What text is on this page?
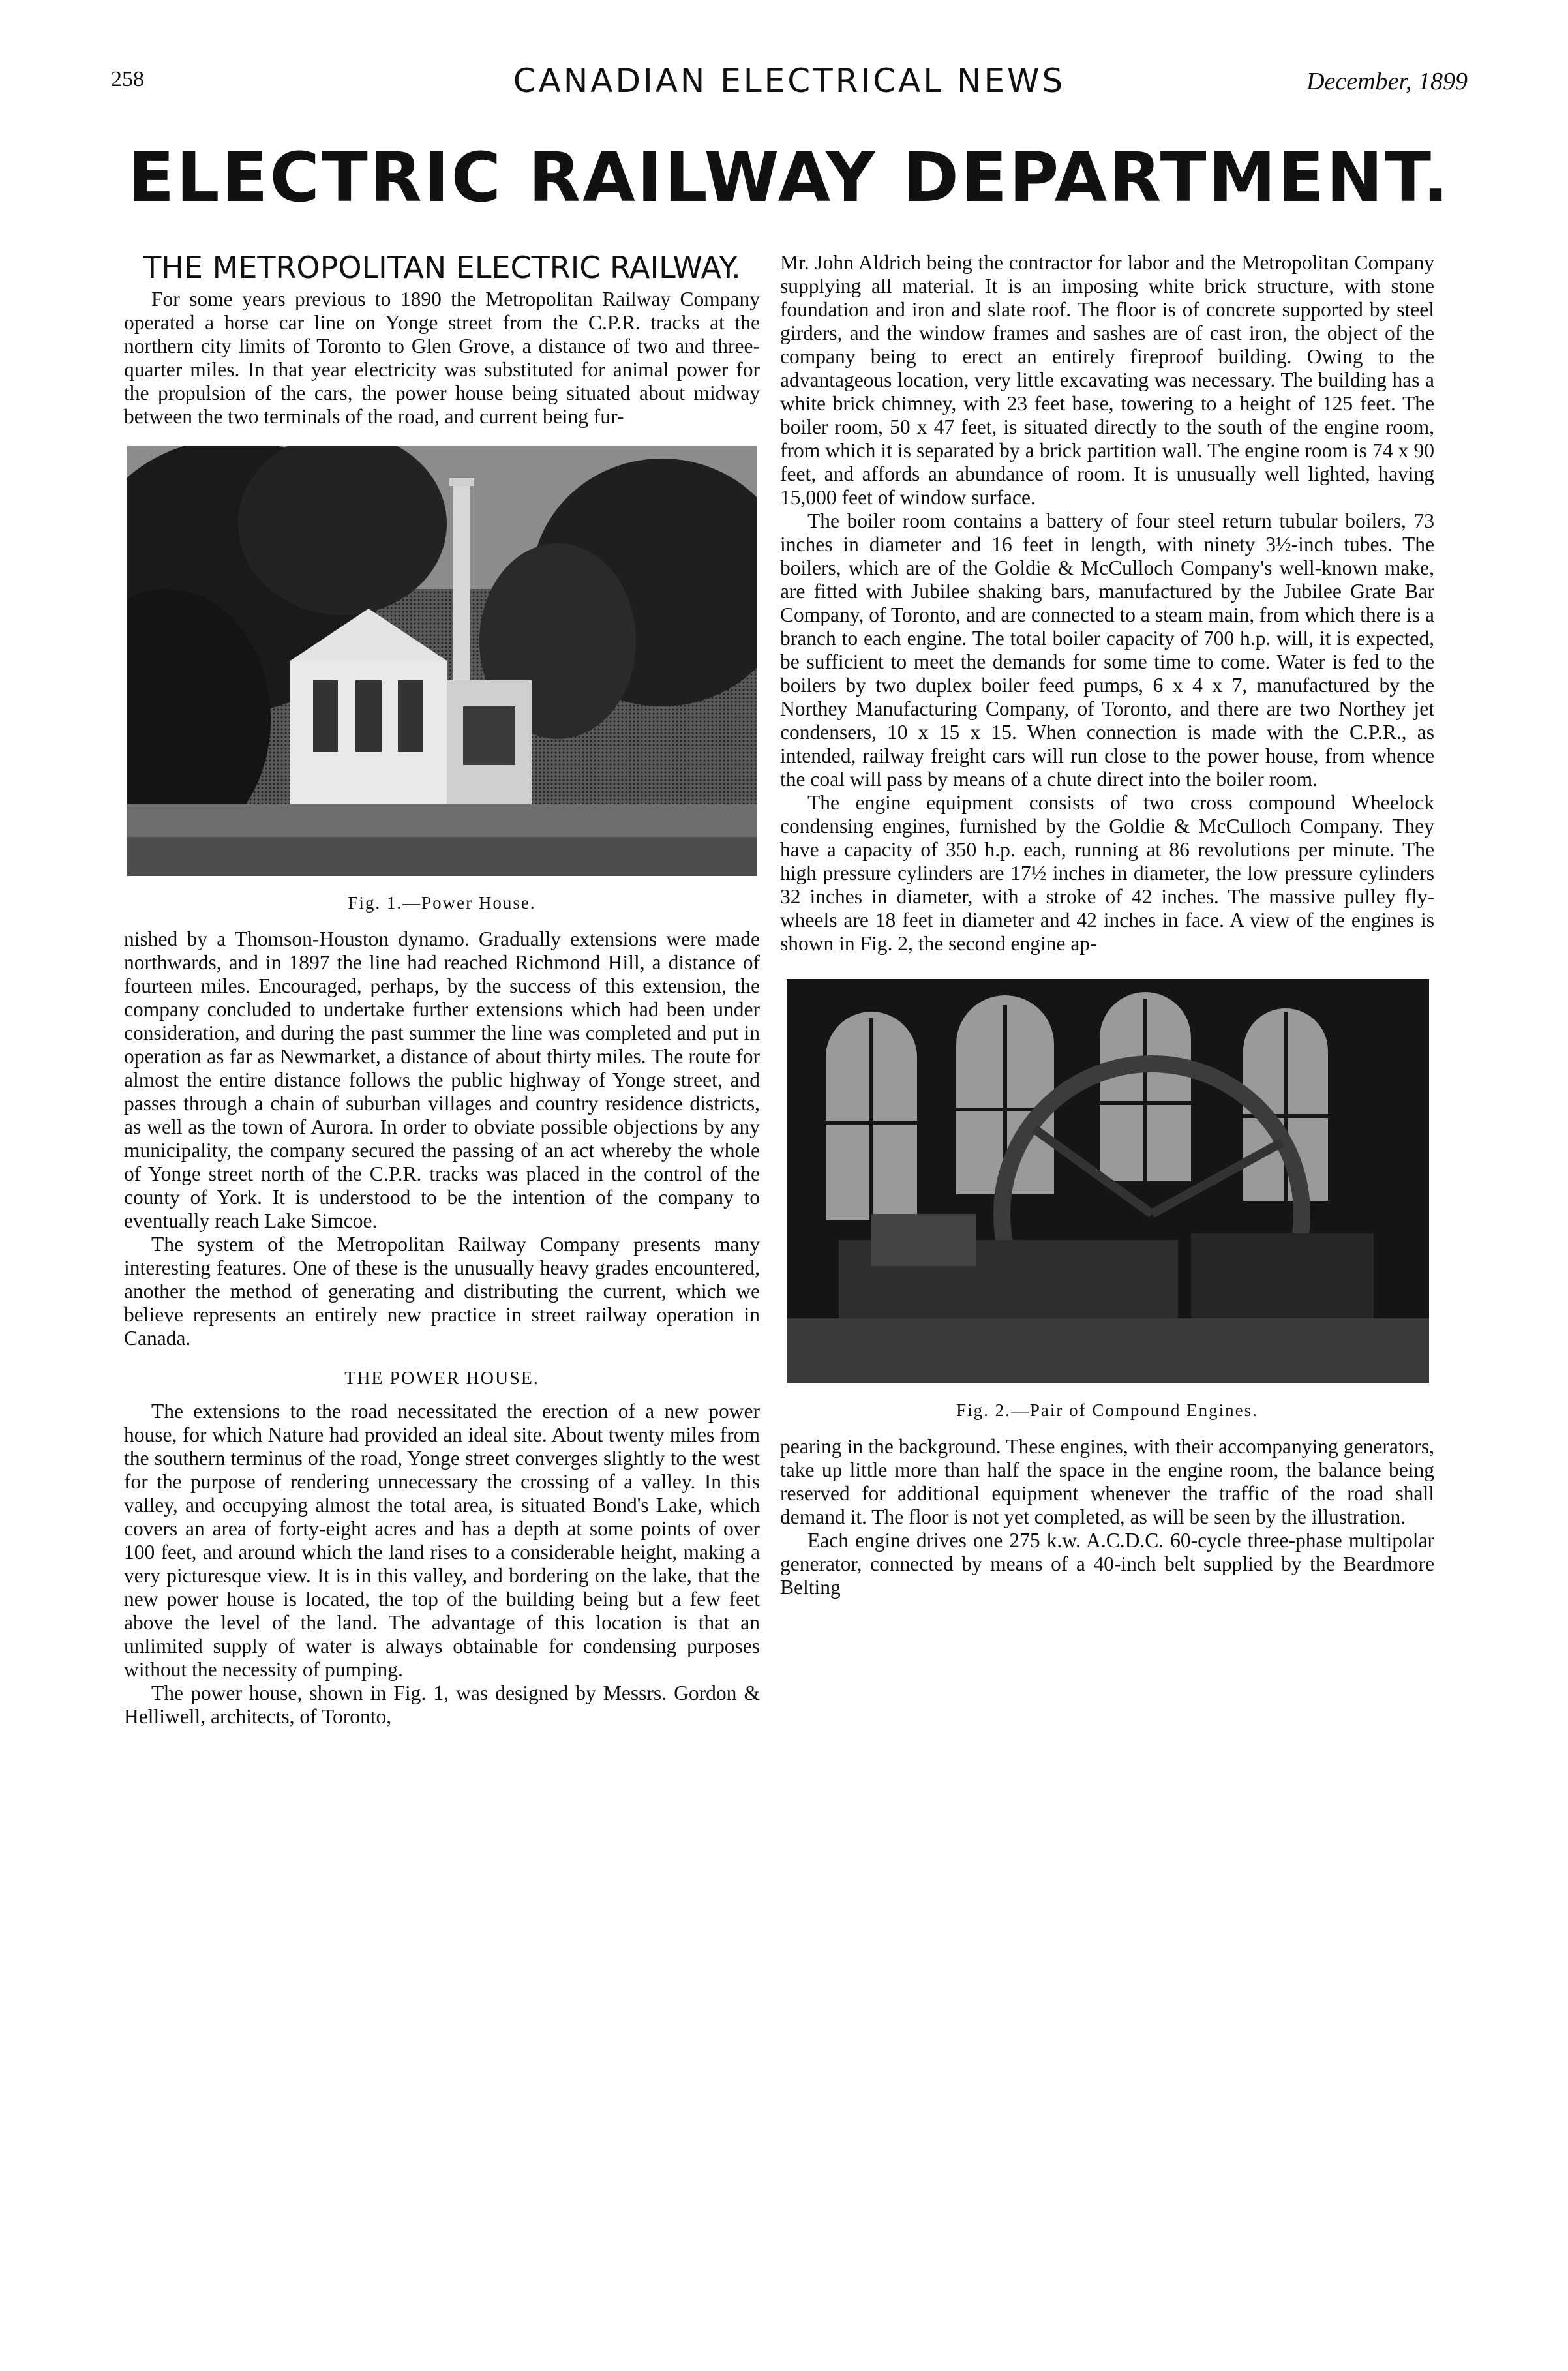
258	CANADIAN ELECTRICAL NEWS	December, 1899
ELECTRIC RAILWAY DEPARTMENT.
THE METROPOLITAN ELECTRIC RAILWAY.

For some years previous to 1890 the Metropolitan Railway Company operated a horse car line on Yonge street from the C.P.R. tracks at the northern city limits of Toronto to Glen Grove, a distance of two and three-quarter miles. In that year electricity was substituted for animal power for the propulsion of the cars, the power house being situated about midway between the two terminals of the road, and current being fur-

Fig. 1.—Power House.

nished by a Thomson-Houston dynamo. Gradually extensions were made northwards, and in 1897 the line had reached Richmond Hill, a distance of fourteen miles. Encouraged, perhaps, by the success of this extension, the company concluded to undertake further extensions which had been under consideration, and during the past summer the line was completed and put in operation as far as Newmarket, a distance of about thirty miles. The route for almost the entire distance follows the public highway of Yonge street, and passes through a chain of suburban villages and country residence districts, as well as the town of Aurora. In order to obviate possible objections by any municipality, the company secured the passing of an act whereby the whole of Yonge street north of the C.P.R. tracks was placed in the control of the county of York. It is understood to be the intention of the company to eventually reach Lake Simcoe.

The system of the Metropolitan Railway Company presents many interesting features. One of these is the unusually heavy grades encountered, another the method of generating and distributing the current, which we believe represents an entirely new practice in street railway operation in Canada.

THE POWER HOUSE.

The extensions to the road necessitated the erection of a new power house, for which Nature had provided an ideal site. About twenty miles from the southern terminus of the road, Yonge street converges slightly to the west for the purpose of rendering unnecessary the crossing of a valley. In this valley, and occupying almost the total area, is situated Bond's Lake, which covers an area of forty-eight acres and has a depth at some points of over 100 feet, and around which the land rises to a considerable height, making a very picturesque view. It is in this valley, and bordering on the lake, that the new power house is located, the top of the building being but a few feet above the level of the land. The advantage of this location is that an unlimited supply of water is always obtainable for condensing purposes without the necessity of pumping.

The power house, shown in Fig. 1, was designed by Messrs. Gordon & Helliwell, architects, of Toronto,

Mr. John Aldrich being the contractor for labor and the Metropolitan Company supplying all material. It is an imposing white brick structure, with stone foundation and iron and slate roof. The floor is of concrete supported by steel girders, and the window frames and sashes are of cast iron, the object of the company being to erect an entirely fireproof building. Owing to the advantageous location, very little excavating was necessary. The building has a white brick chimney, with 23 feet base, towering to a height of 125 feet. The boiler room, 50 x 47 feet, is situated directly to the south of the engine room, from which it is separated by a brick partition wall. The engine room is 74 x 90 feet, and affords an abundance of room. It is unusually well lighted, having 15,000 feet of window surface.

The boiler room contains a battery of four steel return tubular boilers, 73 inches in diameter and 16 feet in length, with ninety 3½-inch tubes. The boilers, which are of the Goldie & McCulloch Company's well-known make, are fitted with Jubilee shaking bars, manufactured by the Jubilee Grate Bar Company, of Toronto, and are connected to a steam main, from which there is a branch to each engine. The total boiler capacity of 700 h.p. will, it is expected, be sufficient to meet the demands for some time to come. Water is fed to the boilers by two duplex boiler feed pumps, 6 x 4 x 7, manufactured by the Northey Manufacturing Company, of Toronto, and there are two Northey jet condensers, 10 x 15 x 15. When connection is made with the C.P.R., as intended, railway freight cars will run close to the power house, from whence the coal will pass by means of a chute direct into the boiler room.

The engine equipment consists of two cross compound Wheelock condensing engines, furnished by the Goldie & McCulloch Company. They have a capacity of 350 h.p. each, running at 86 revolutions per minute. The high pressure cylinders are 17½ inches in diameter, the low pressure cylinders 32 inches in diameter, with a stroke of 42 inches. The massive pulley fly-wheels are 18 feet in diameter and 42 inches in face. A view of the engines is shown in Fig. 2, the second engine ap-

Fig. 2.—Pair of Compound Engines.

pearing in the background. These engines, with their accompanying generators, take up little more than half the space in the engine room, the balance being reserved for additional equipment whenever the traffic of the road shall demand it. The floor is not yet completed, as will be seen by the illustration.

Each engine drives one 275 k.w. A.C.D.C. 60-cycle three-phase multipolar generator, connected by means of a 40-inch belt supplied by the Beardmore Belting
